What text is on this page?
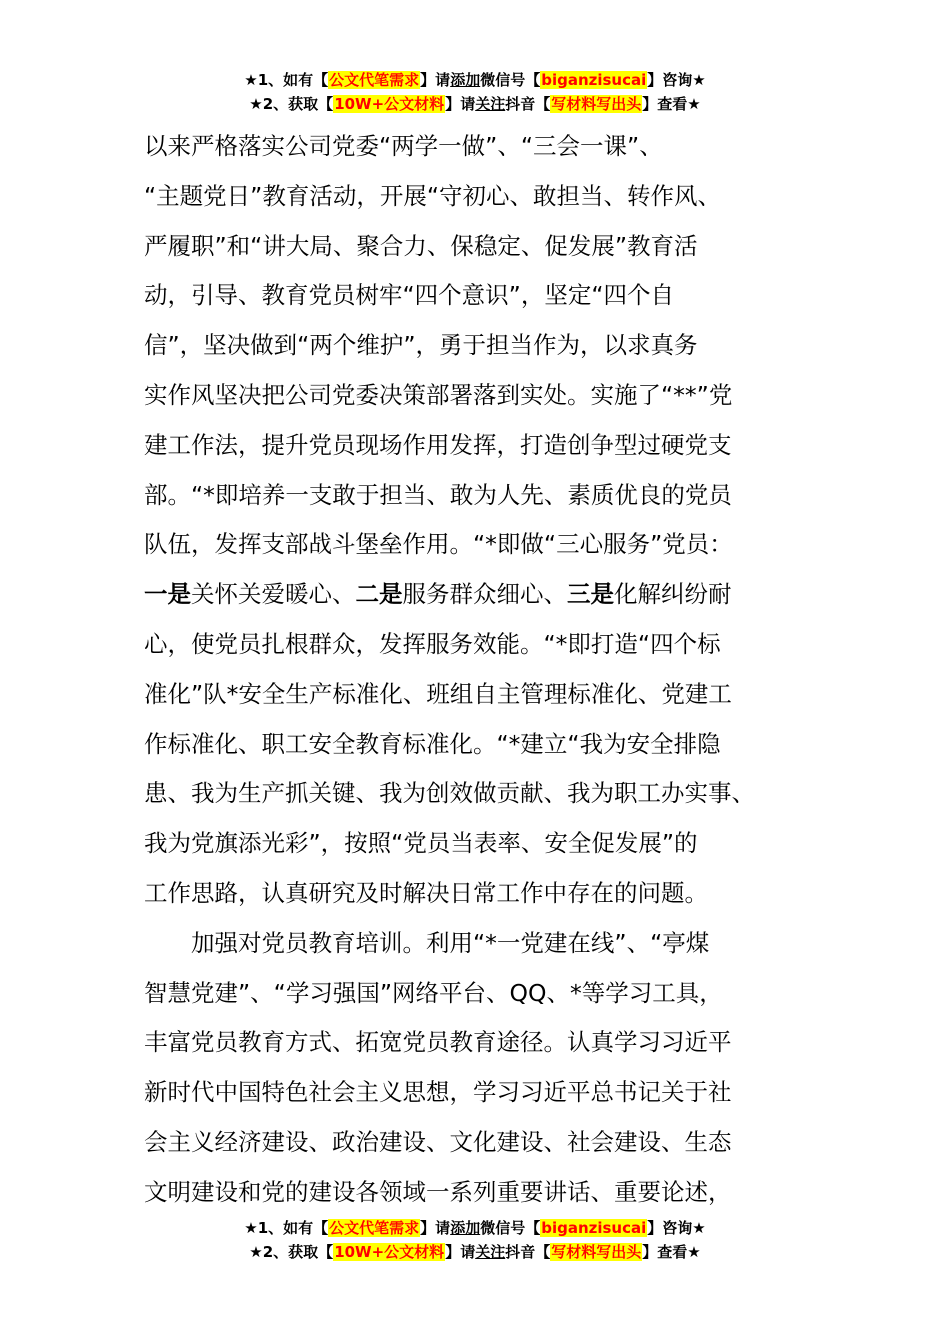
★1、如有【公文代笔需求】请添加微信号【biganzisucai】咨询★
★2、获取【10W+公文材料】请关注抖音【写材料写出头】查看★
以来严格落实公司党委“两学一做”、“三会一课”、
“主题党日”教育活动，开展“守初心、敢担当、转作风、
严履职”和“讲大局、聚合力、保稳定、促发展”教育活
动，引导、教育党员树牢“四个意识”，坚定“四个自
信”，坚决做到“两个维护”，勇于担当作为，以求真务
实作风坚决把公司党委决策部署落到实处。实施了“**”党
建工作法，提升党员现场作用发挥，打造创争型过硬党支
部。“*即培养一支敢于担当、敢为人先、素质优良的党员
队伍，发挥支部战斗堡垒作用。“*即做“三心服务”党员：
一是关怀关爱暖心、二是服务群众细心、三是化解纠纷耐
心，使党员扎根群众，发挥服务效能。“*即打造“四个标
准化”队*安全生产标准化、班组自主管理标准化、党建工
作标准化、职工安全教育标准化。“*建立“我为安全排隐
患、我为生产抓关键、我为创效做贡献、我为职工办实事、
我为党旗添光彩”，按照“党员当表率、安全促发展”的
工作思路，认真研究及时解决日常工作中存在的问题。
加强对党员教育培训。利用“*一党建在线”、“亭煤
智慧党建”、“学习强国”网络平台、QQ、*等学习工具，
丰富党员教育方式、拓宽党员教育途径。认真学习习近平
新时代中国特色社会主义思想，学习习近平总书记关于社
会主义经济建设、政治建设、文化建设、社会建设、生态
文明建设和党的建设各领域一系列重要讲话、重要论述，
★1、如有【公文代笔需求】请添加微信号【biganzisucai】咨询★
★2、获取【10W+公文材料】请关注抖音【写材料写出头】查看★
